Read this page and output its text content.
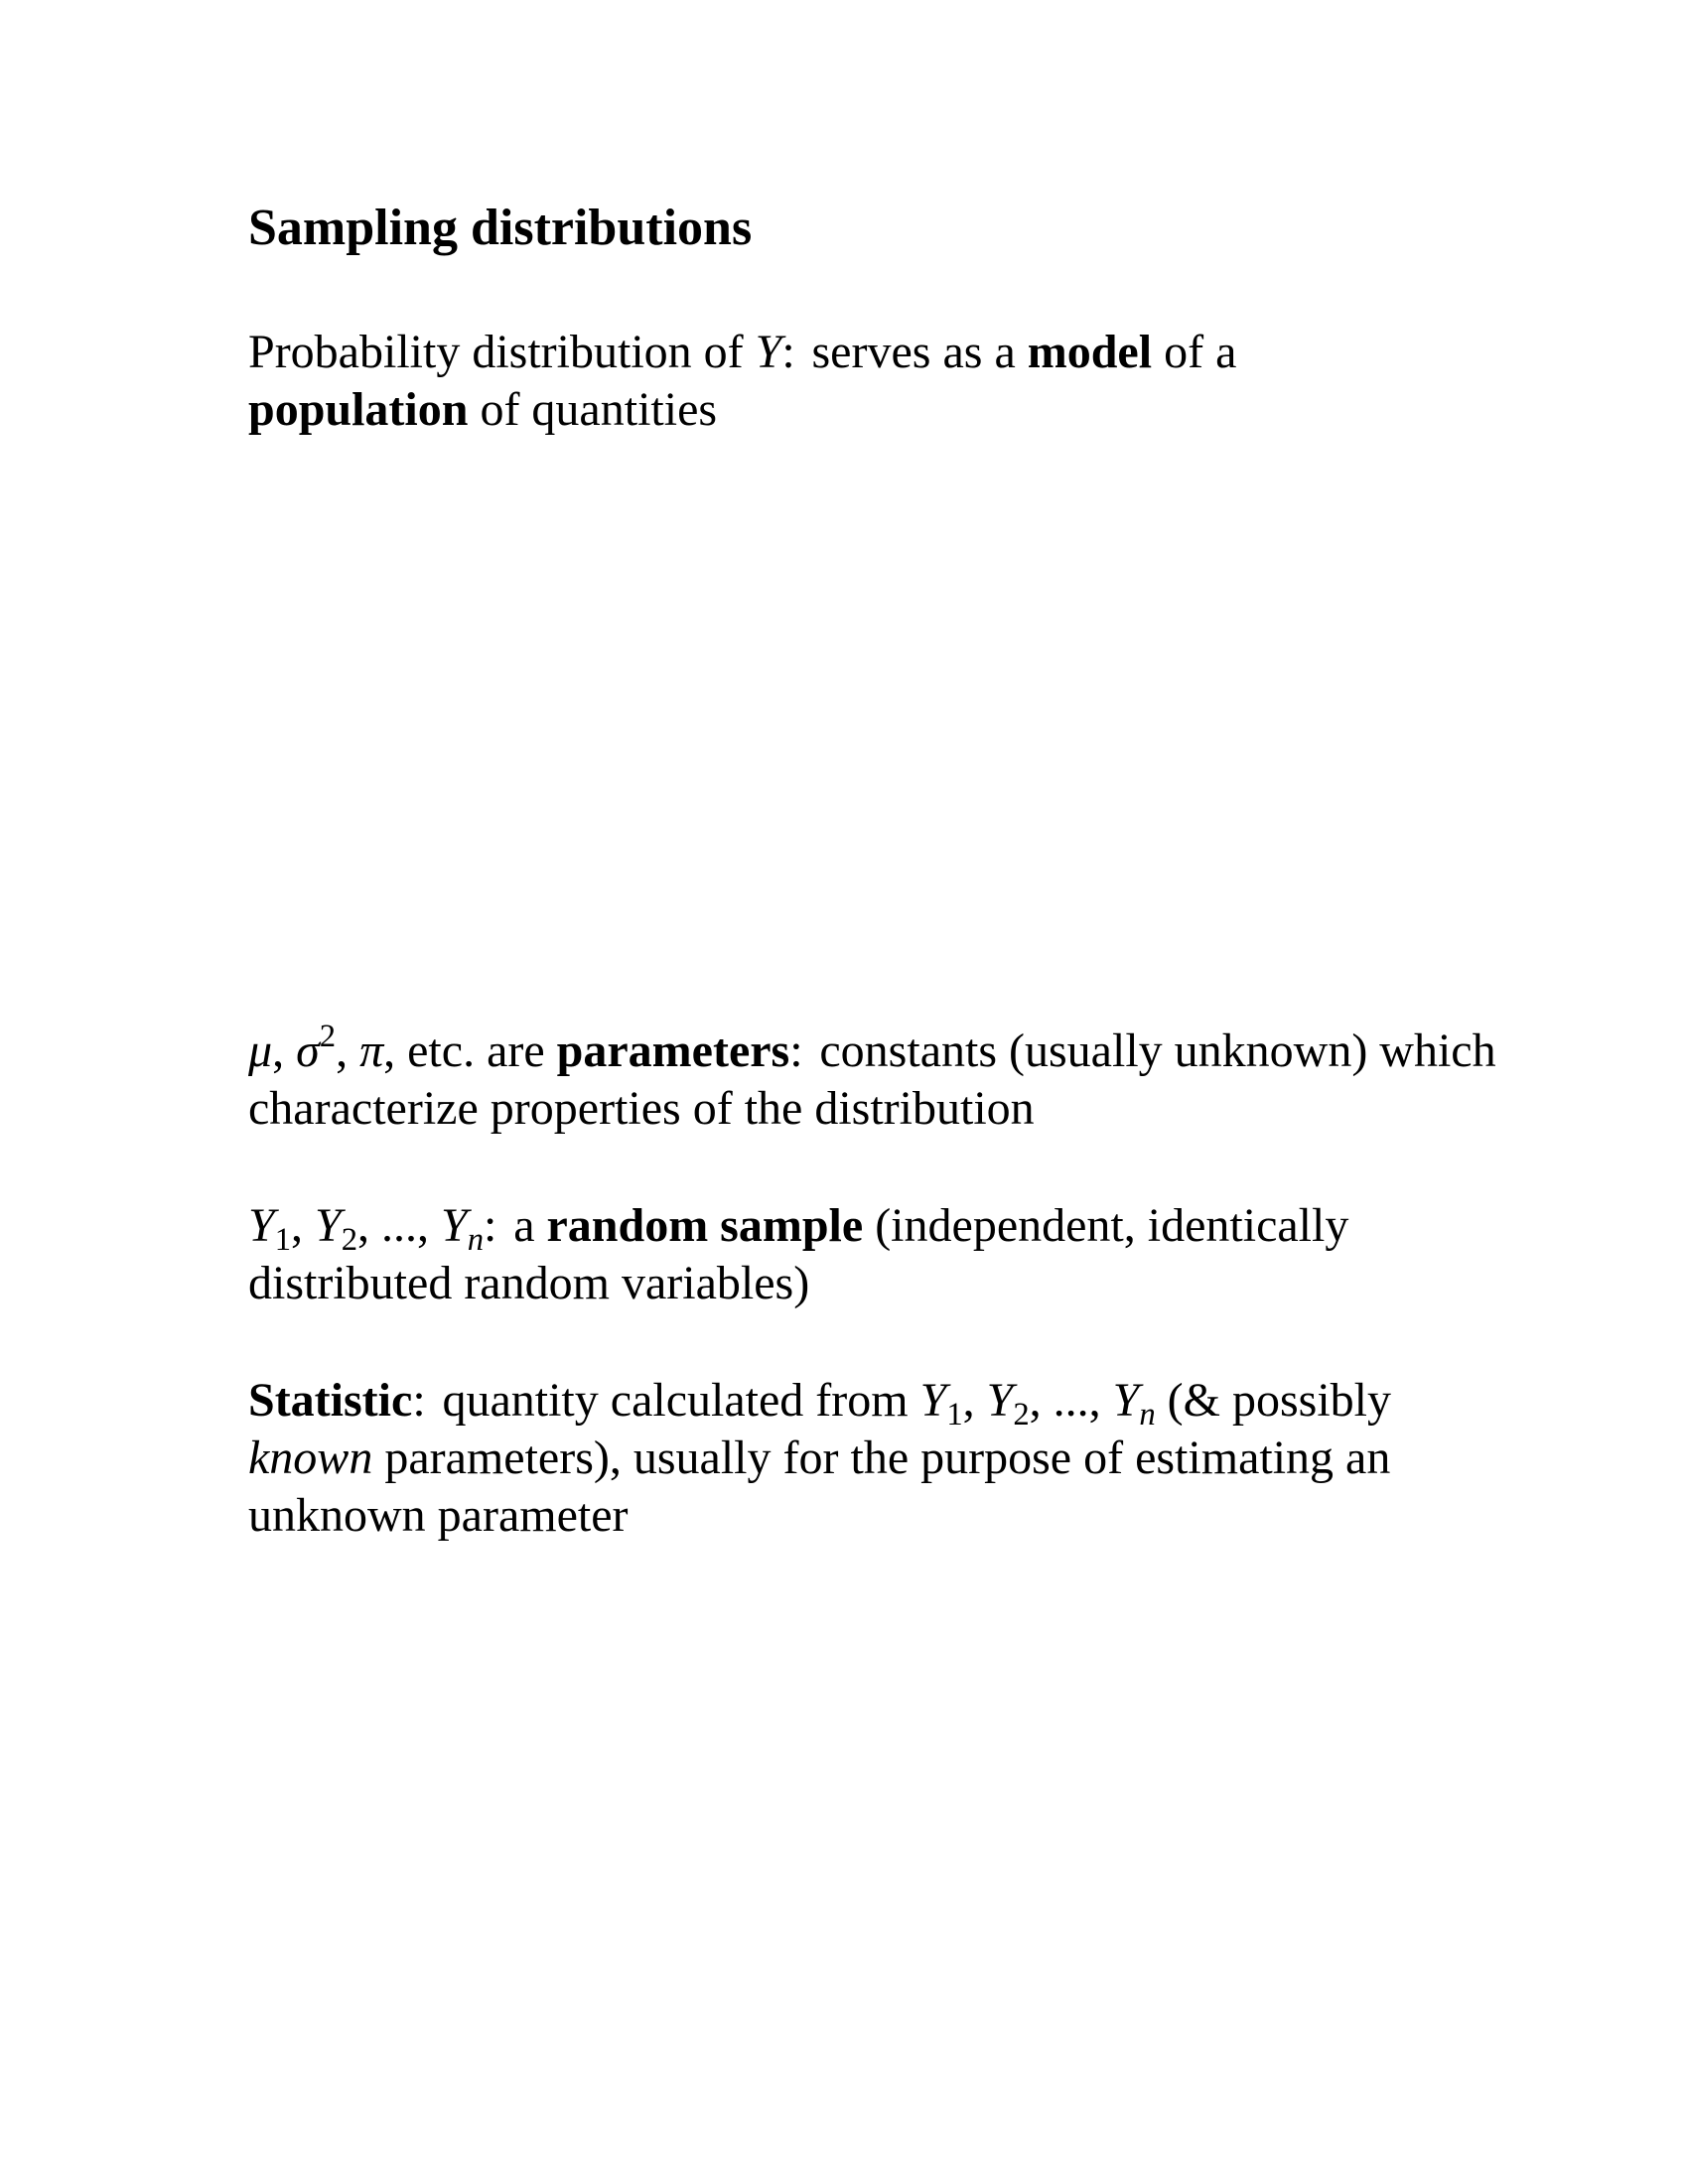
Sampling distributions

Probability distribution of Y: serves as a model of a
population of quantities

μ, $\sigma^2$, π, etc. are parameters: constants (usually unknown) which characterize properties of the distribution

$Y_1$, $Y_2$, ..., $Y_n$: a random sample (independent, identically distributed random variables)

Statistic: quantity calculated from $Y_1$, $Y_2$, ..., $Y_n$ (& possibly known parameters), usually for the purpose of estimating an unknown parameter
